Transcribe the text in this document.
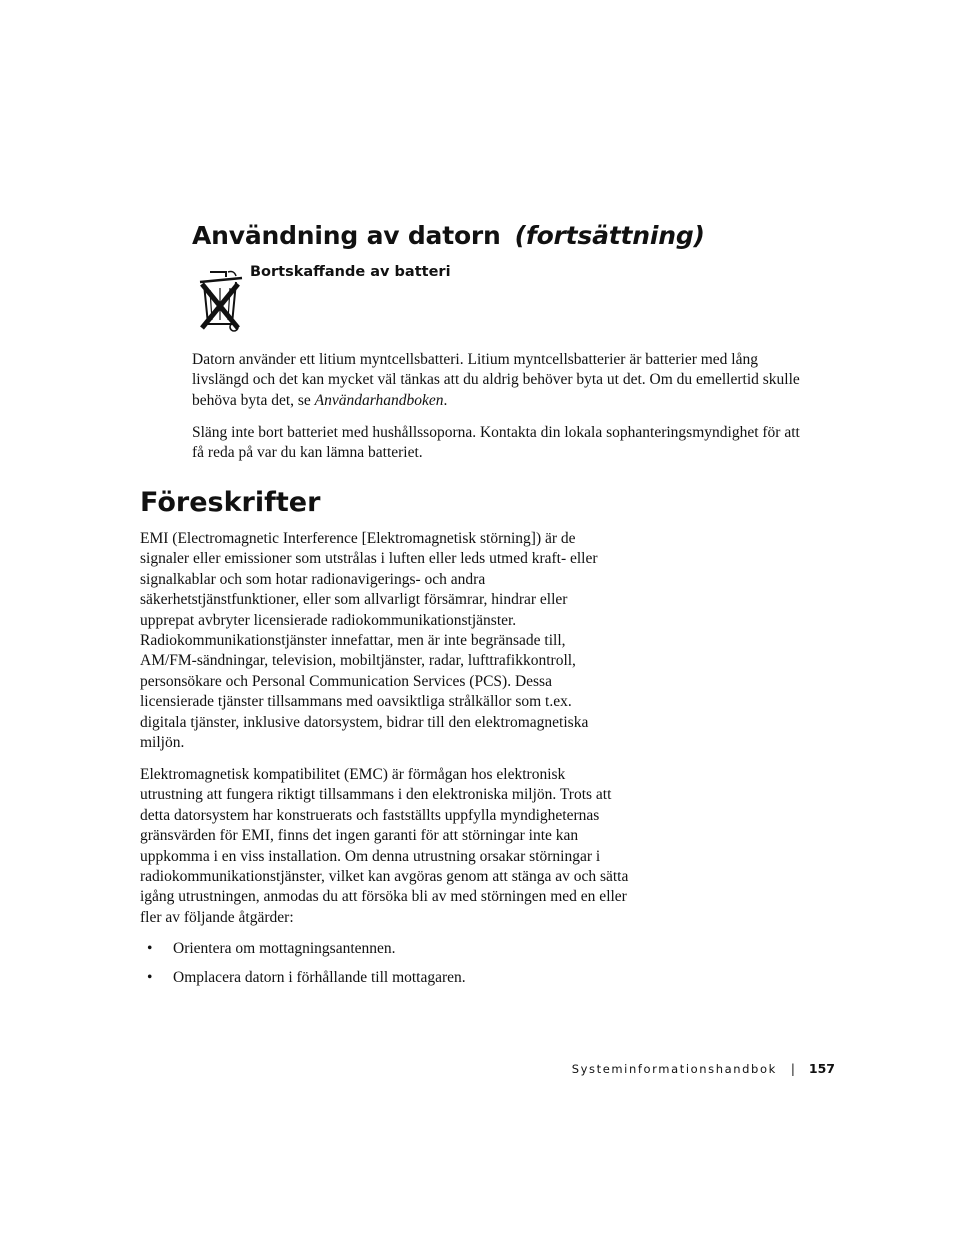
Användning av datorn (fortsättning)
Bortskaffande av batteri

Datorn använder ett litium myntcellsbatteri. Litium myntcellsbatterier är batterier med lång livslängd och det kan mycket väl tänkas att du aldrig behöver byta ut det. Om du emellertid skulle behöva byta det, se Användarhandboken.

Släng inte bort batteriet med hushållssoporna. Kontakta din lokala sophanteringsmyndighet för att få reda på var du kan lämna batteriet.

Föreskrifter

EMI (Electromagnetic Interference [Elektromagnetisk störning]) är de signaler eller emissioner som utstrålas i luften eller leds utmed kraft- eller signalkablar och som hotar radionavigerings- och andra säkerhetstjänstfunktioner, eller som allvarligt försämrar, hindrar eller upprepat avbryter licensierade radiokommunikationstjänster. Radiokommunikationstjänster innefattar, men är inte begränsade till, AM/FM-sändningar, television, mobiltjänster, radar, lufttrafikkontroll, personsökare och Personal Communication Services (PCS). Dessa licensierade tjänster tillsammans med oavsiktliga strålkällor som t.ex. digitala tjänster, inklusive datorsystem, bidrar till den elektromagnetiska miljön.

Elektromagnetisk kompatibilitet (EMC) är förmågan hos elektronisk utrustning att fungera riktigt tillsammans i den elektroniska miljön. Trots att detta datorsystem har konstruerats och fastställts uppfylla myndigheternas gränsvärden för EMI, finns det ingen garanti för att störningar inte kan uppkomma i en viss installation. Om denna utrustning orsakar störningar i radiokommunikationstjänster, vilket kan avgöras genom att stänga av och sätta igång utrustningen, anmodas du att försöka bli av med störningen med en eller fler av följande åtgärder:

• Orientera om mottagningsantennen.
• Omplacera datorn i förhållande till mottagaren.
Systeminformationshandbok | 157
